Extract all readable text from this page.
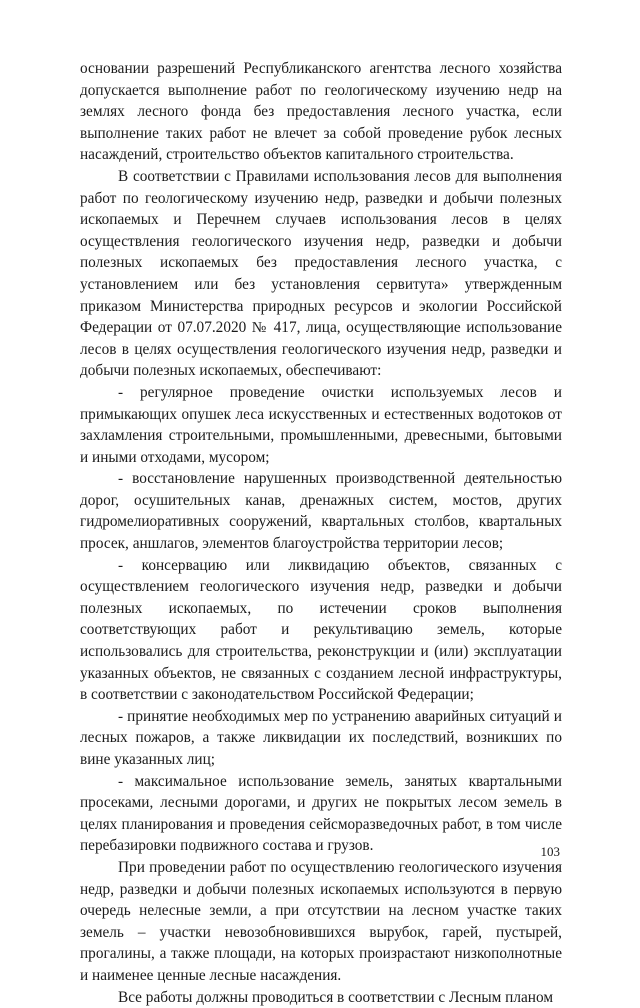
основании разрешений Республиканского агентства лесного хозяйства допускается выполнение работ по геологическому изучению недр на землях лесного фонда без предоставления лесного участка, если выполнение таких работ не влечет за собой проведение рубок лесных насаждений, строительство объектов капитального строительства.

В соответствии с Правилами использования лесов для выполнения работ по геологическому изучению недр, разведки и добычи полезных ископаемых и Перечнем случаев использования лесов в целях осуществления геологического изучения недр, разведки и добычи полезных ископаемых без предоставления лесного участка, с установлением или без установления сервитута» утвержденным приказом Министерства природных ресурсов и экологии Российской Федерации от 07.07.2020 № 417, лица, осуществляющие использование лесов в целях осуществления геологического изучения недр, разведки и добычи полезных ископаемых, обеспечивают:

- регулярное проведение очистки используемых лесов и примыкающих опушек леса искусственных и естественных водотоков от захламления строительными, промышленными, древесными, бытовыми и иными отходами, мусором;

- восстановление нарушенных производственной деятельностью дорог, осушительных канав, дренажных систем, мостов, других гидромелиоративных сооружений, квартальных столбов, квартальных просек, аншлагов, элементов благоустройства территории лесов;

- консервацию или ликвидацию объектов, связанных с осуществлением геологического изучения недр, разведки и добычи полезных ископаемых, по истечении сроков выполнения соответствующих работ и рекультивацию земель, которые использовались для строительства, реконструкции и (или) эксплуатации указанных объектов, не связанных с созданием лесной инфраструктуры, в соответствии с законодательством Российской Федерации;

- принятие необходимых мер по устранению аварийных ситуаций и лесных пожаров, а также ликвидации их последствий, возникших по вине указанных лиц;

- максимальное использование земель, занятых квартальными просеками, лесными дорогами, и других не покрытых лесом земель в целях планирования и проведения сейсморазведочных работ, в том числе перебазировки подвижного состава и грузов.

При проведении работ по осуществлению геологического изучения недр, разведки и добычи полезных ископаемых используются в первую очередь нелесные земли, а при отсутствии на лесном участке таких земель – участки невозобновившихся вырубок, гарей, пустырей, прогалины, а также площади, на которых произрастают низкополнотные и наименее ценные лесные насаждения.

Все работы должны проводиться в соответствии с Лесным планом

103
